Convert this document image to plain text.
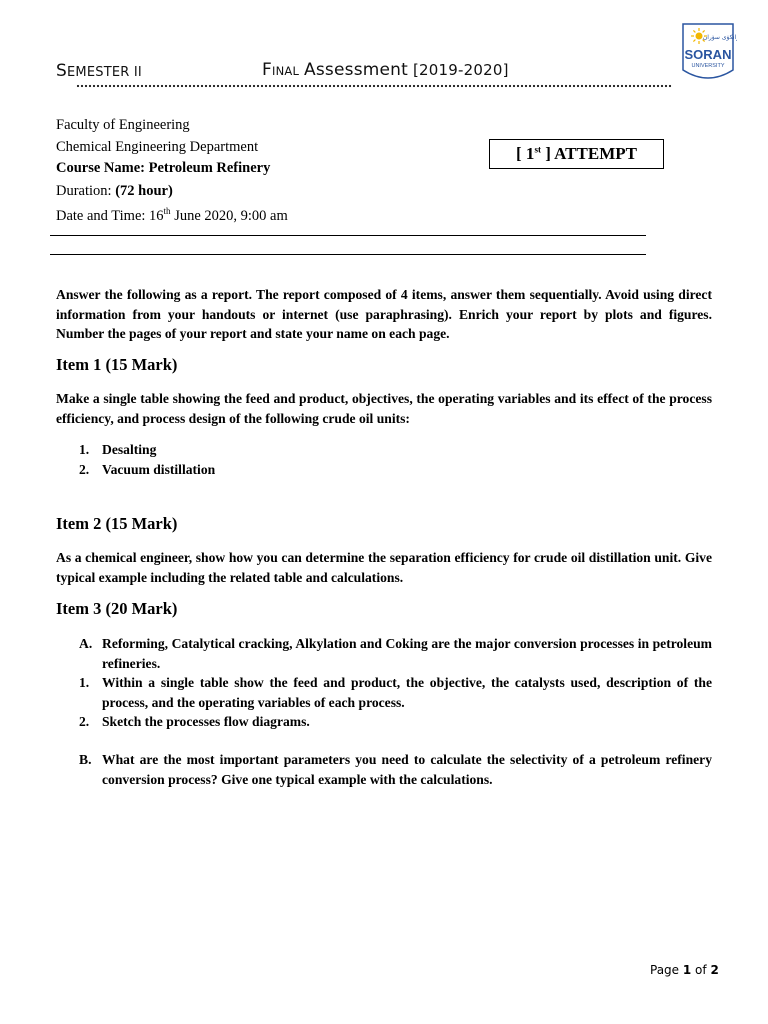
SEMESTER II	FINAL Assessment [2019-2020]
زانکۆی سۆران
SORAN
UNIVERSITY
Faculty of Engineering
Chemical Engineering Department
Course Name: Petroleum Refinery
Duration: (72 hour)
Date and Time: 16th June 2020, 9:00 am
[ 1st ] ATTEMPT
Answer the following as a report. The report composed of 4 items, answer them sequentially. Avoid using direct information from your handouts or internet (use paraphrasing). Enrich your report by plots and figures. Number the pages of your report and state your name on each page.
Item 1 (15 Mark)
Make a single table showing the feed and product, objectives, the operating variables and its effect of the process efficiency, and process design of the following crude oil units:
1. Desalting
2. Vacuum distillation
Item 2 (15 Mark)
As a chemical engineer, show how you can determine the separation efficiency for crude oil distillation unit. Give typical example including the related table and calculations.
Item 3 (20 Mark)
A. Reforming, Catalytical cracking, Alkylation and Coking are the major conversion processes in petroleum refineries.
1. Within a single table show the feed and product, the objective, the catalysts used, description of the process, and the operating variables of each process.
2. Sketch the processes flow diagrams.
B. What are the most important parameters you need to calculate the selectivity of a petroleum refinery conversion process? Give one typical example with the calculations.
Page 1 of 2
